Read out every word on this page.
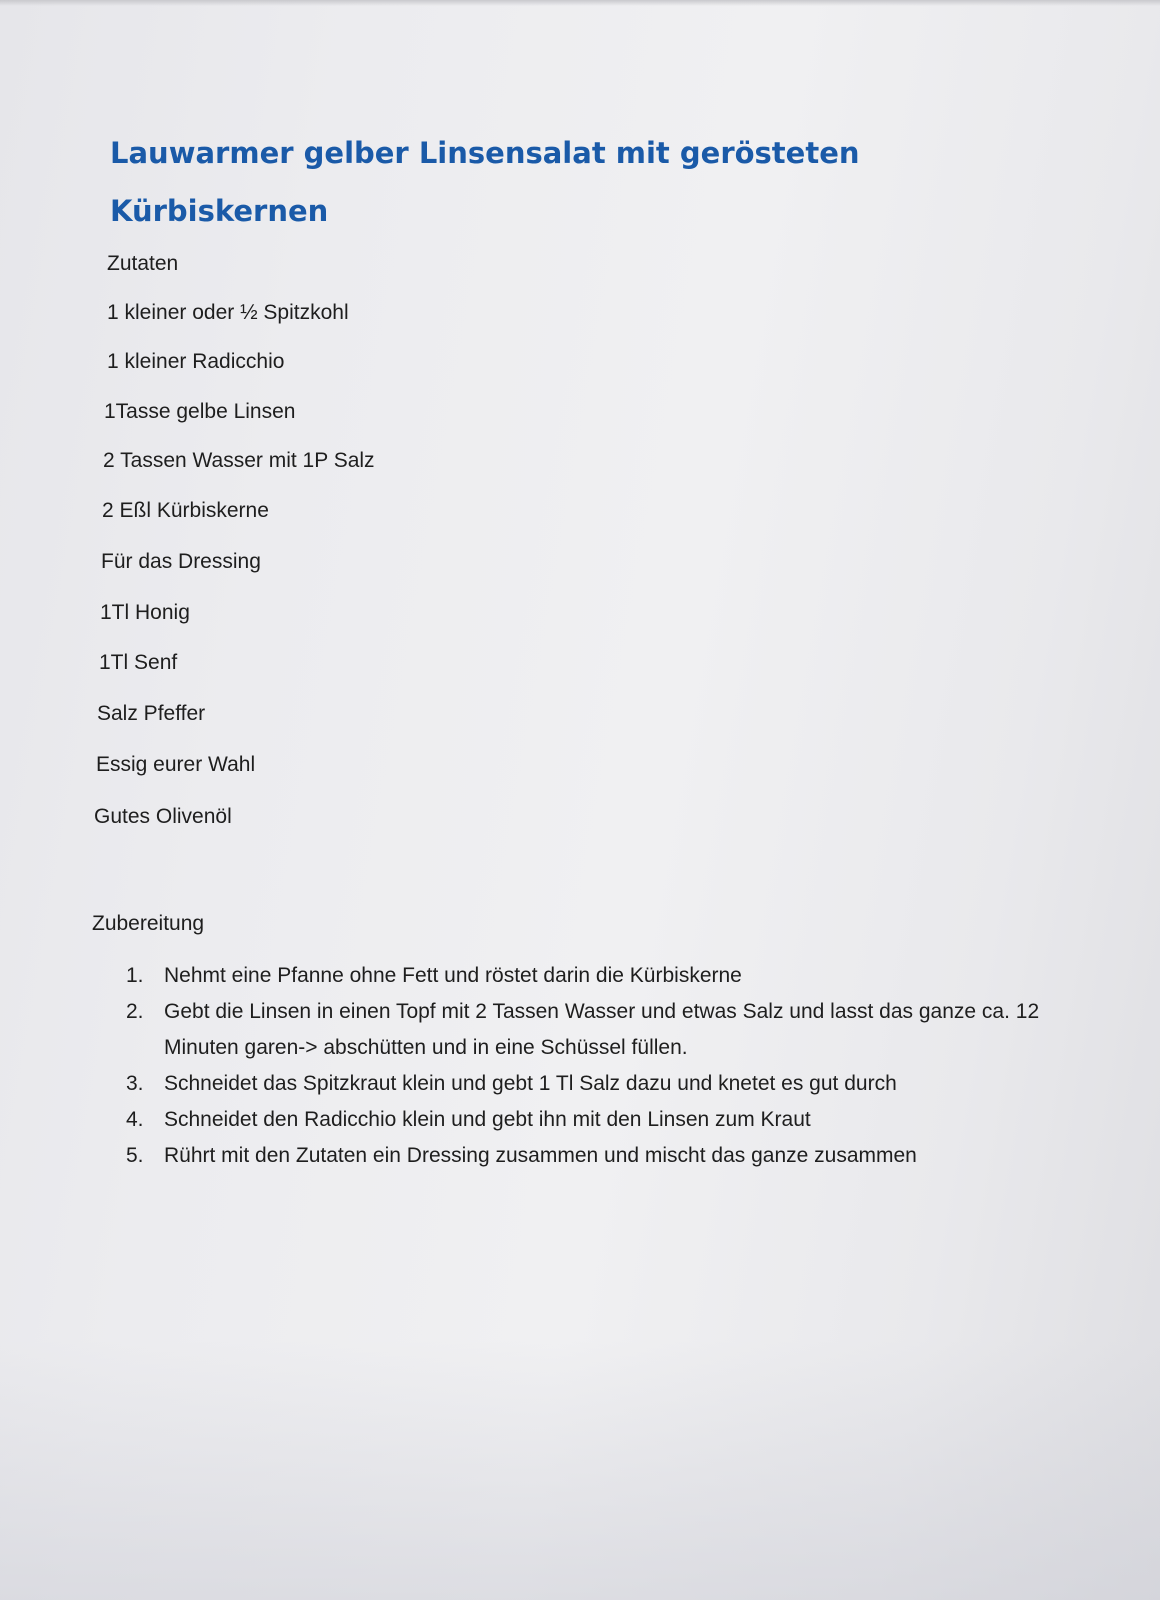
Lauwarmer gelber Linsensalat mit gerösteten Kürbiskernen

Zutaten

1 kleiner oder ½ Spitzkohl

1 kleiner Radicchio

1Tasse gelbe Linsen

2 Tassen Wasser mit 1P Salz

2 Eßl Kürbiskerne

Für das Dressing

1Tl Honig

1Tl Senf

Salz Pfeffer

Essig eurer Wahl

Gutes Olivenöl

Zubereitung

1. Nehmt eine Pfanne ohne Fett und röstet darin die Kürbiskerne
2. Gebt die Linsen in einen Topf mit 2 Tassen Wasser und etwas Salz und lasst das ganze ca. 12 Minuten garen-> abschütten und in eine Schüssel füllen.
3. Schneidet das Spitzkraut klein und gebt 1 Tl Salz dazu und knetet es gut durch
4. Schneidet den Radicchio klein und gebt ihn mit den Linsen zum Kraut
5. Rührt mit den Zutaten ein Dressing zusammen und mischt das ganze zusammen
